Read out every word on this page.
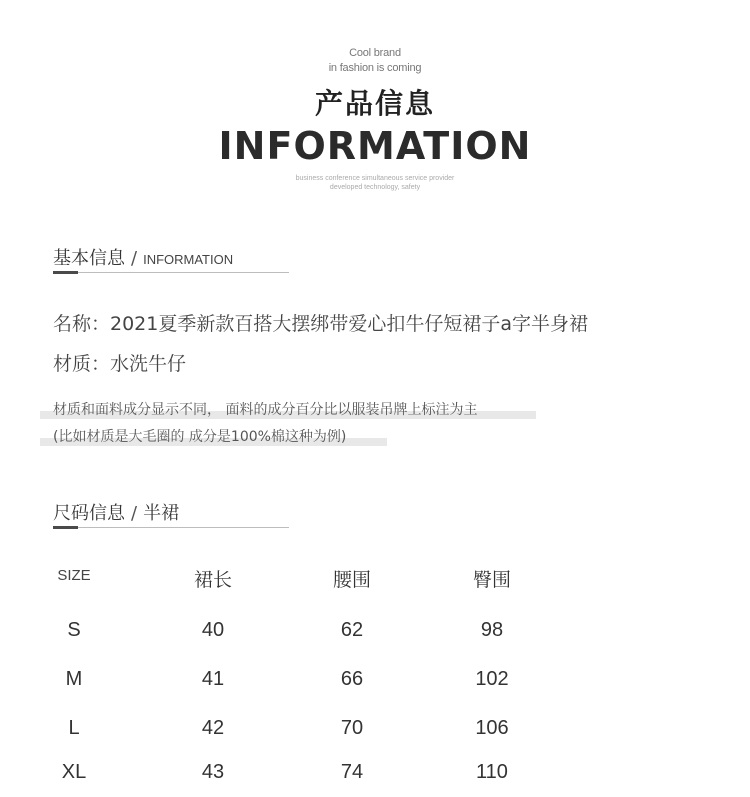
Cool brand
in fashion is coming
产品信息
INFORMATION
business conference simultaneous service provider
developed technology, safety
基本信息 / INFORMATION
名称：2021夏季新款百搭大摆绑带爱心扣牛仔短裙子a字半身裙
材质：水洗牛仔
材质和面料成分显示不同， 面料的成分百分比以服装吊牌上标注为主
(比如材质是大毛圈的 成分是100%棉这种为例)
尺码信息 / 半裙
SIZE	裙长	腰围	臀围
S	40	62	98
M	41	66	102
L	42	70	106
XL	43	74	110
